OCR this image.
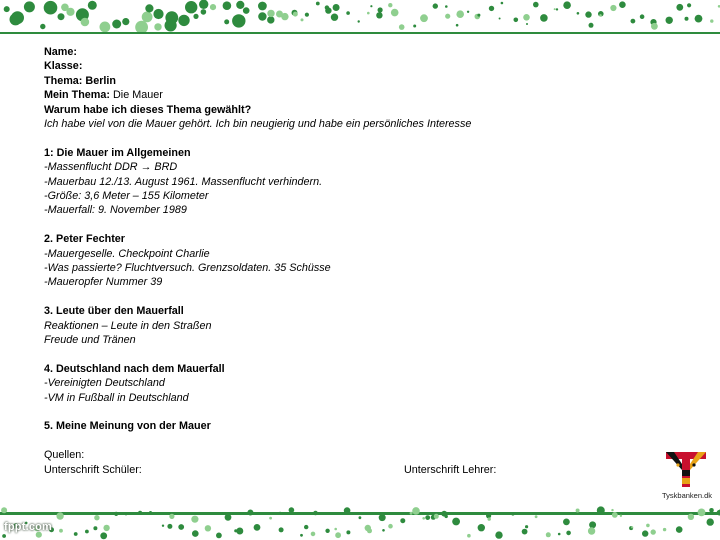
Name:
Klasse:
Thema: Berlin
Mein Thema: Die Mauer
Warum habe ich dieses Thema gewählt?
Ich habe viel von die Mauer gehört. Ich bin neugierig und habe ein persönliches Interesse
1: Die Mauer im Allgemeinen
-Massenflucht DDR → BRD
-Mauerbau 12./13. August 1961. Massenflucht verhindern.
-Größe: 3,6 Meter – 155 Kilometer
-Mauerfall: 9. November 1989
2. Peter Fechter
-Mauergeselle. Checkpoint Charlie
-Was passierte? Fluchtversuch. Grenzsoldaten. 35 Schüsse
-Maueropfer Nummer 39
3. Leute über den Mauerfall
Reaktionen – Leute in den Straßen
Freude und Tränen
4. Deutschland nach dem Mauerfall
-Vereinigten Deutschland
-VM in Fußball in Deutschland
5. Meine Meinung von der Mauer
Quellen:
Unterschrift Schüler:	Unterschrift Lehrer:
Tyskbanken.dk
fppt.com
